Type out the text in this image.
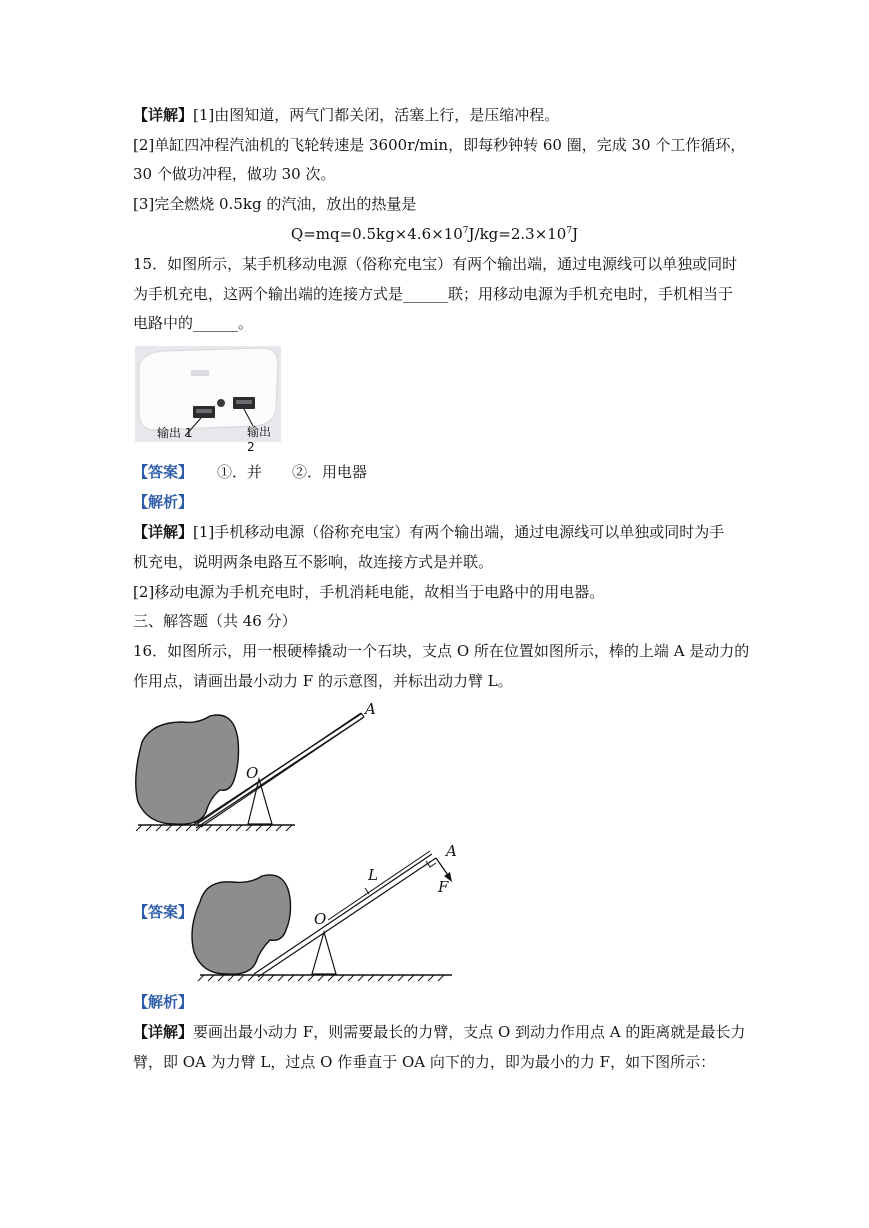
【详解】[1]由图知道，两气门都关闭，活塞上行，是压缩冲程。
[2]单缸四冲程汽油机的飞轮转速是 3600r/min，即每秒钟转 60 圈，完成 30 个工作循环，
30 个做功冲程，做功 30 次。
[3]完全燃烧 0.5kg 的汽油，放出的热量是
$Q=mq=0.5kg\times 4.6\times 10^7J/kg=2.3\times 10^7J$
15．如图所示，某手机移动电源（俗称充电宝）有两个输出端，通过电源线可以单独或同时
为手机充电，这两个输出端的连接方式是______联；用移动电源为手机充电时，手机相当于
电路中的______。
输出 1	输出 2
【答案】 ①．并　　②．用电器
【解析】
【详解】[1]手机移动电源（俗称充电宝）有两个输出端，通过电源线可以单独或同时为手
机充电，说明两条电路互不影响，故连接方式是并联。
[2]移动电源为手机充电时，手机消耗电能，故相当于电路中的用电器。
三、解答题（共 46 分）
16．如图所示，用一根硬棒撬动一个石块，支点 O 所在位置如图所示，棒的上端 A 是动力的
作用点，请画出最小动力 F 的示意图，并标出动力臂 L。
A
O
【答案】
A
L
F
O
【解析】
【详解】要画出最小动力 F，则需要最长的力臂，支点 O 到动力作用点 A 的距离就是最长力
臂，即 OA 为力臂 L，过点 O 作垂直于 OA 向下的力，即为最小的力 F，如下图所示：
